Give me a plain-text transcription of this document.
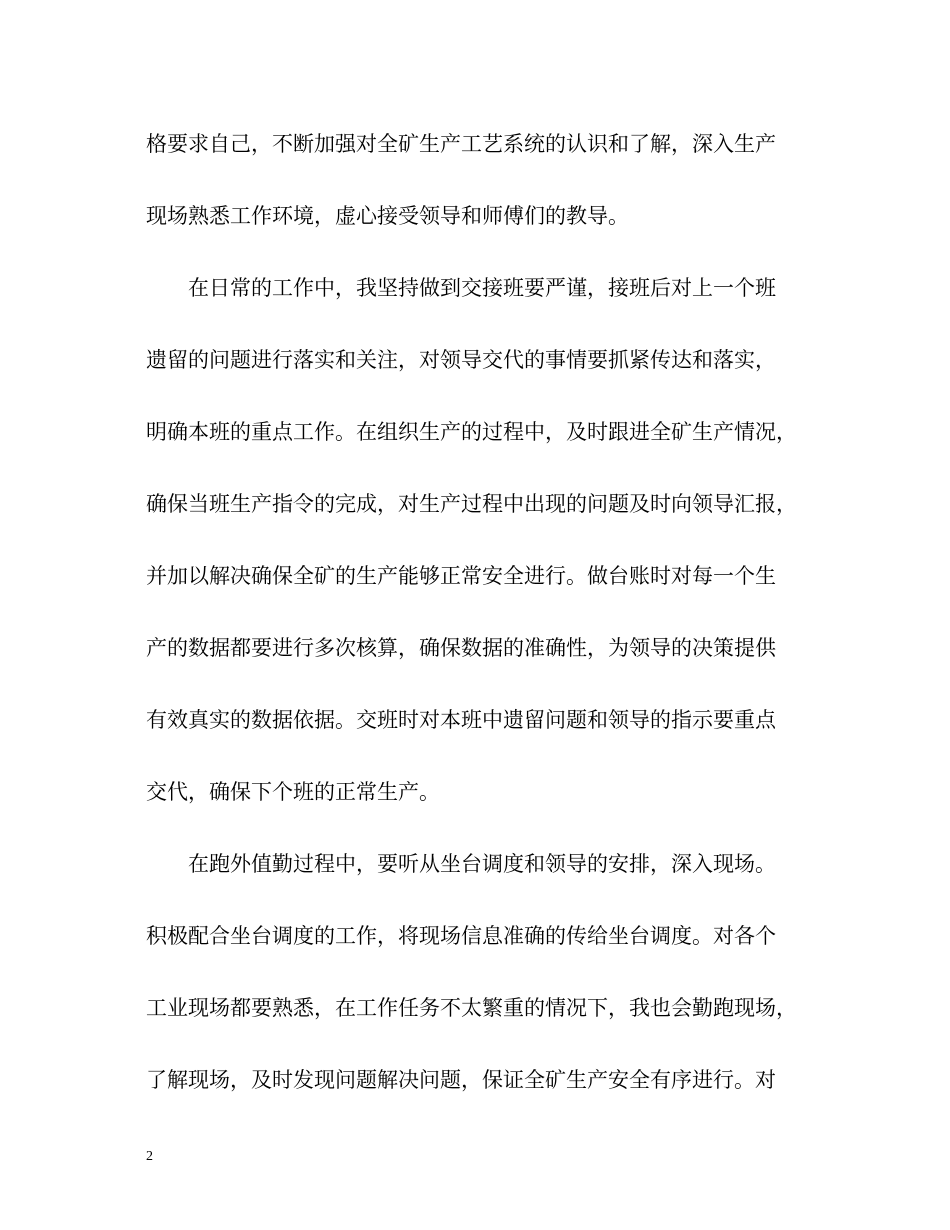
格要求自己，不断加强对全矿生产工艺系统的认识和了解，深入生产
现场熟悉工作环境，虚心接受领导和师傅们的教导。
在日常的工作中，我坚持做到交接班要严谨，接班后对上一个班
遗留的问题进行落实和关注，对领导交代的事情要抓紧传达和落实，
明确本班的重点工作。在组织生产的过程中，及时跟进全矿生产情况，
确保当班生产指令的完成，对生产过程中出现的问题及时向领导汇报，
并加以解决确保全矿的生产能够正常安全进行。做台账时对每一个生
产的数据都要进行多次核算，确保数据的准确性，为领导的决策提供
有效真实的数据依据。交班时对本班中遗留问题和领导的指示要重点
交代，确保下个班的正常生产。
在跑外值勤过程中，要听从坐台调度和领导的安排，深入现场。
积极配合坐台调度的工作，将现场信息准确的传给坐台调度。对各个
工业现场都要熟悉，在工作任务不太繁重的情况下，我也会勤跑现场，
了解现场，及时发现问题解决问题，保证全矿生产安全有序进行。对
2
